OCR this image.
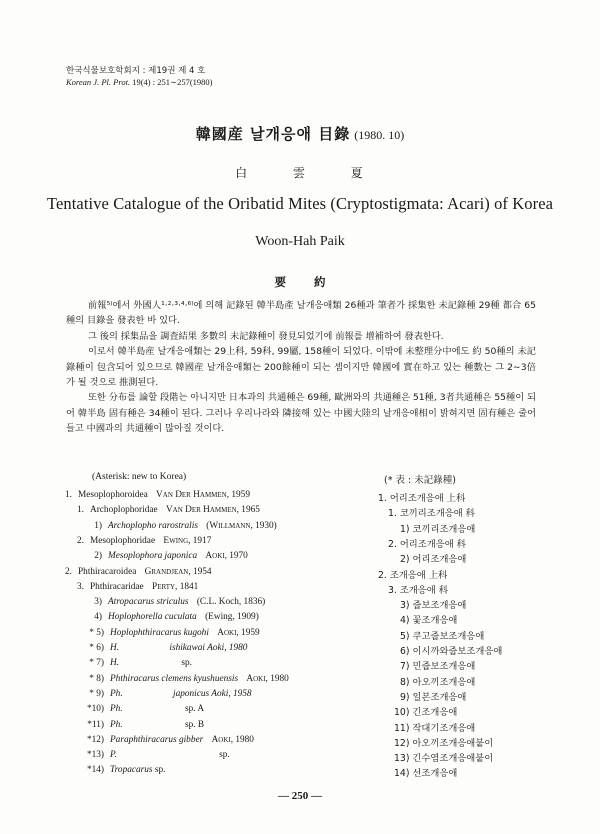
한국식물보호학회지 : 제19권 제 4 호
Korean J. Pl. Prot. 19(4) : 251∼257(1980)
韓國産 날개응애 目錄 (1980. 10)
白 雲 夏
Tentative Catalogue of the Oribatid Mites (Cryptostigmata: Acari) of Korea
Woon-Hah Paik
要約

前報⁵⁾에서 外國人¹·²·³·⁴·⁶⁾에 의해 記錄된 韓半島產 날개응애類 26種과 筆者가 採集한 未記錄種 29種 都合 65種의 目錄을 發表한 바 있다.

그 後의 採集品을 調査結果 多數의 未記錄種이 發見되었기에 前報를 增補하여 發表한다.

이로서 韓半島産 날개응애類는 29上科, 59科, 99屬, 158種이 되었다. 이밖에 未整理分中에도 約 50種의 未記錄種이 包含되어 있으므로 韓國産 날개응애類는 200餘種이 되는 셈이지만 韓國에 實在하고 있는 種數는 그 2∼3倍가 될 것으로 推測된다.

또한 分布를 論할 段階는 아니지만 日本과의 共通種은 69種, 歐洲와의 共通種은 51種, 3者共通種은 55種이 되어 韓半島 固有種은 34種이 된다. 그러나 우리나라와 隣接해 있는 中國大陸의 날개응애相이 밝혀지면 固有種은 줄어들고 中國과의 共通種이 많아질 것이다.

(Asterisk: new to Korea)	(* 表 : 未記錄種)
1. Mesoplophoroidea Van Der Hammen, 1959
1. Archoplophoridae Van Der Hammen, 1965
1) Archoplopho rarostralis (Willmann, 1930)
2. Mesoplophoridae Ewing, 1917
2) Mesoplophora japonica Aoki, 1970
2. Phthiracaroidea Grandjean, 1954
3. Phthiracaridae Perty, 1841
3) Atropacarus striculus (C.L. Koch, 1836)
4) Hoplophorella cuculata (Ewing, 1909)
* 5) Hoplophthiracarus kugohi Aoki, 1959
* 6) H.	ishikawai Aoki, 1980
* 7) H.	sp.
* 8) Phthiracarus clemens kyushuensis Aoki, 1980
* 9) Ph.	japonicus Aoki, 1958
*10) Ph.	sp. A
*11) Ph.	sp. B
*12) Paraphthiracarus gibber Aoki, 1980
*13) P.	sp.
*14) Tropacarus sp.
1. 어리조개응애 上科
1. 코끼리조개응애 科
1) 코끼리조개응애
2. 어리조개응애 科
2) 어리조개응애
2. 조개응애 上科
3. 조개응애 科
3) 줍보조개응애
4) 꽃조개응애
5) 쿠고줍보조개응애
6) 이시까와줍보조개응애
7) 민줍보조개응애
8) 아오끼조개응애
9) 일본조개응애
10) 긴조개응애
11) 작대기조개응애
12) 아오끼조개응애붙이
13) 긴수염조개응애붙이
14) 선조개응애
— 250 —
